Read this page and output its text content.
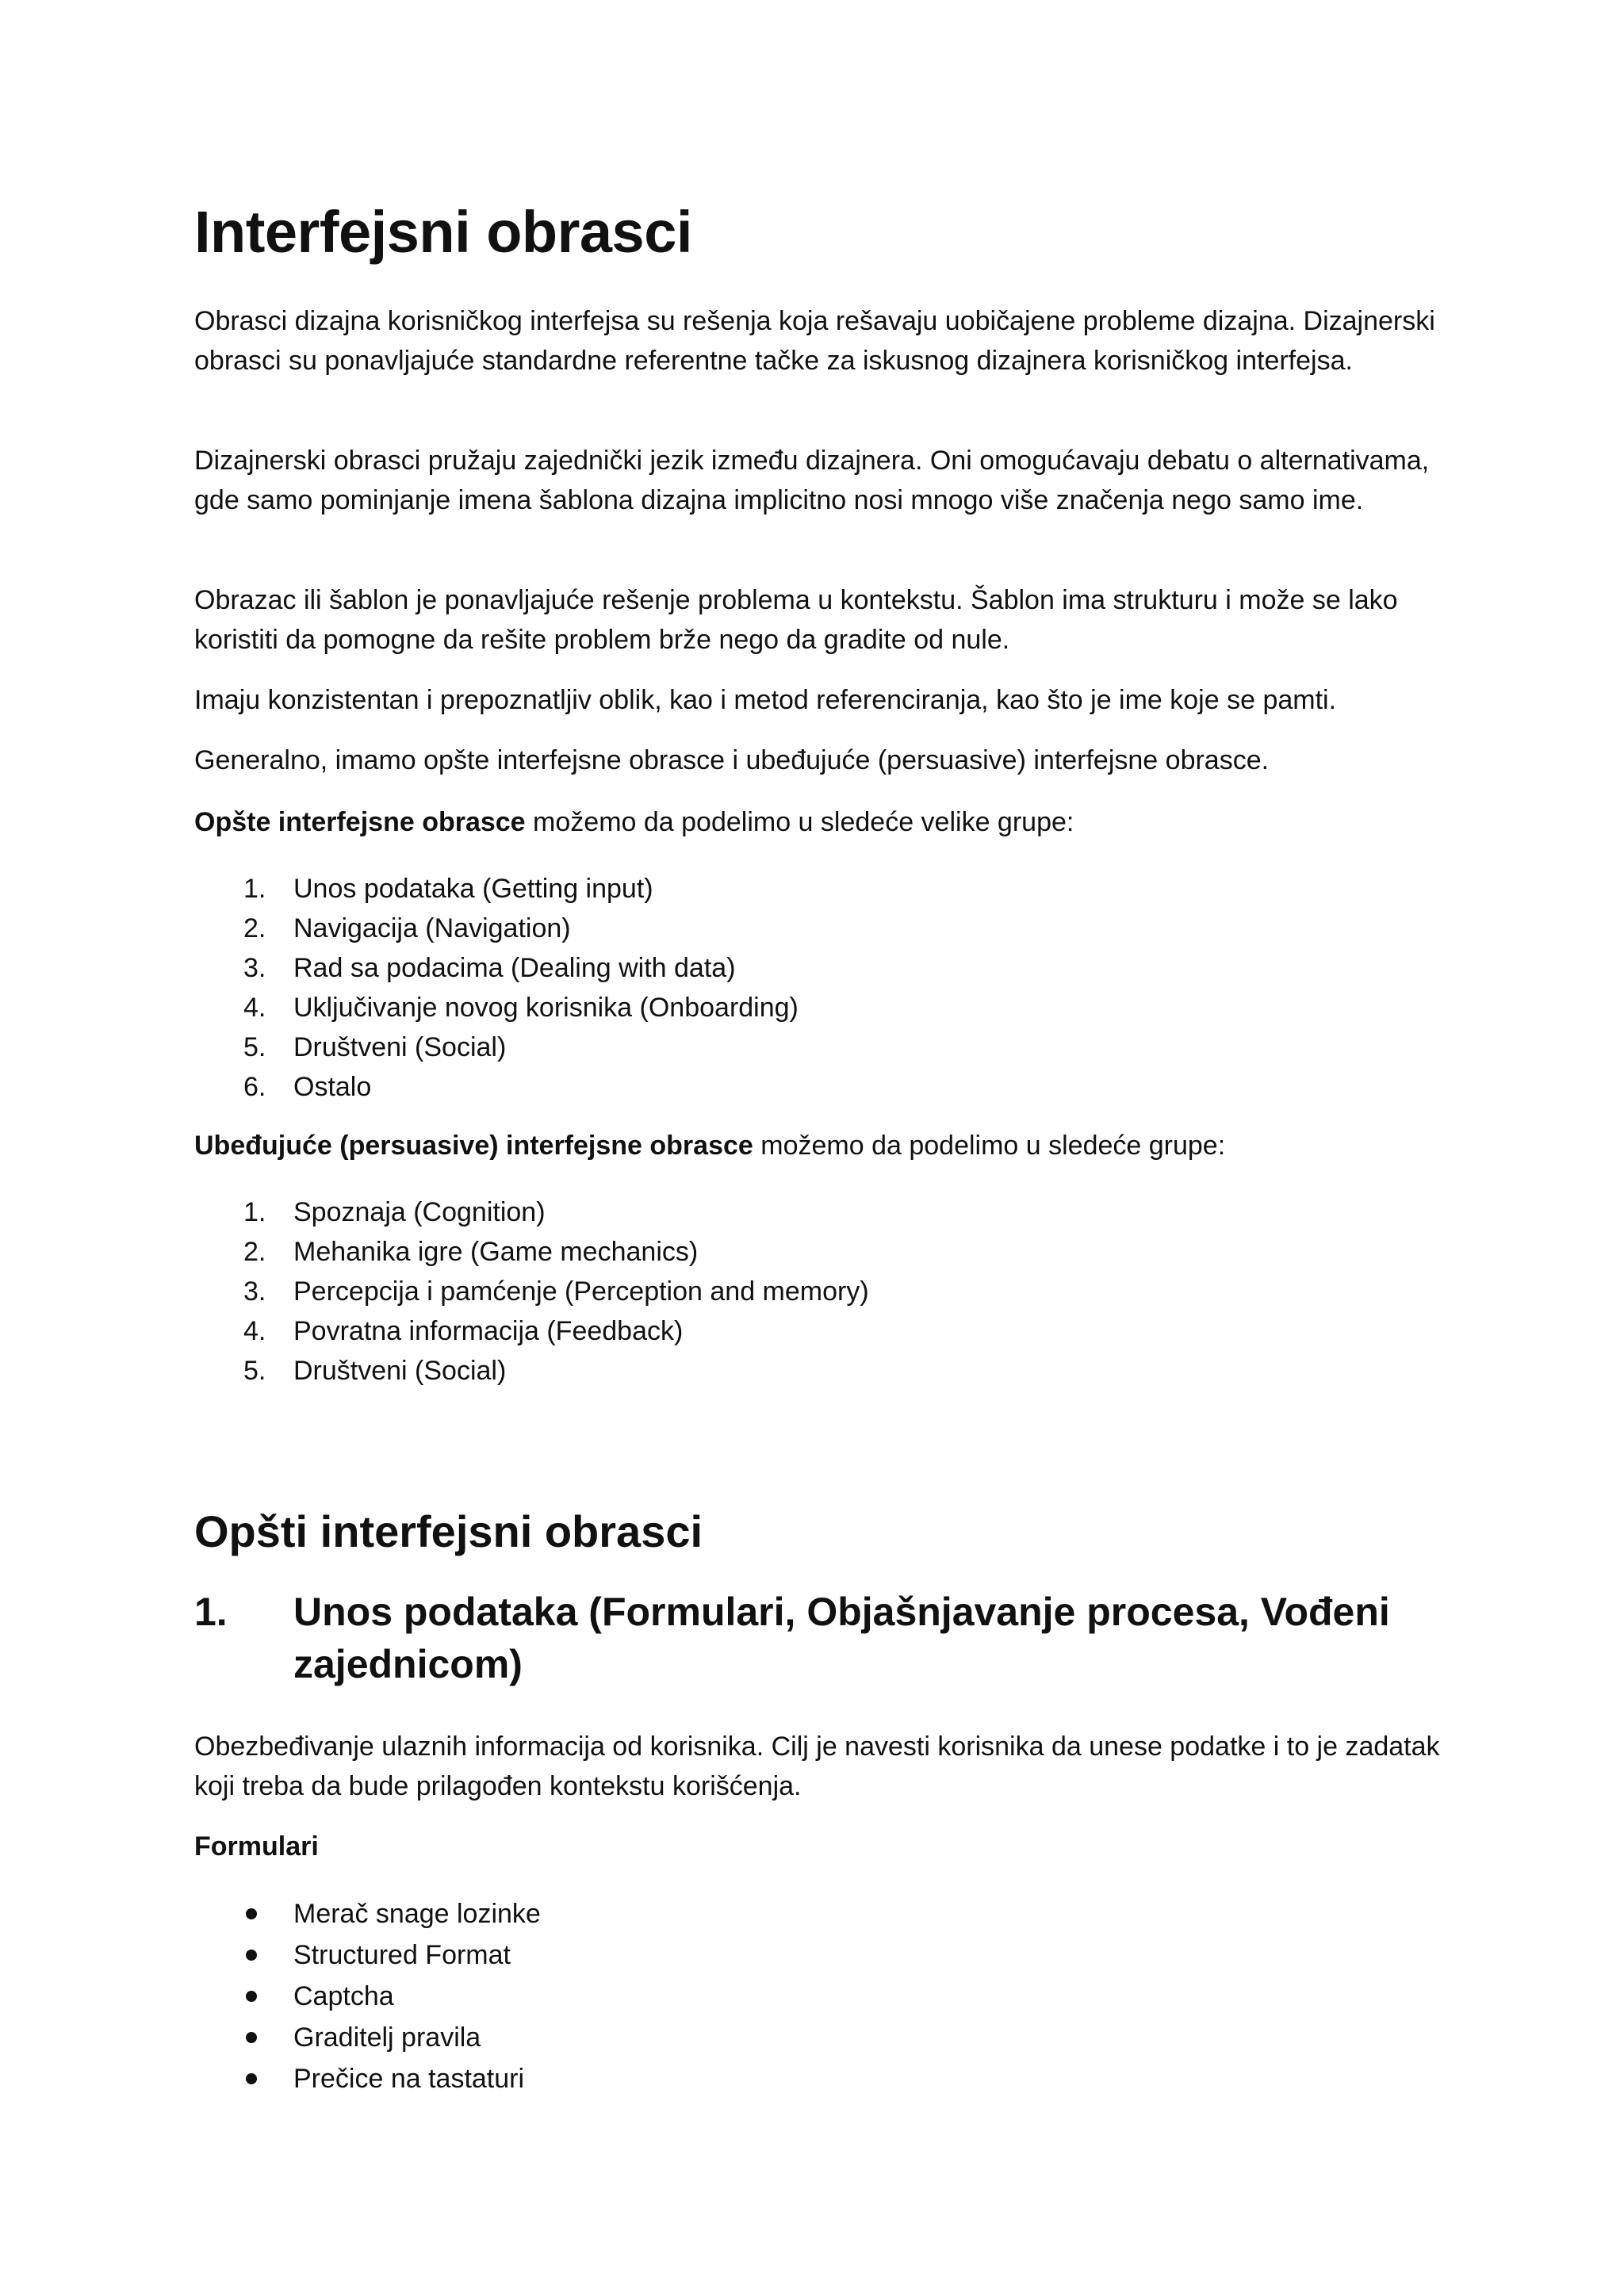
Interfejsni obrasci

Obrasci dizajna korisničkog interfejsa su rešenja koja rešavaju uobičajene probleme dizajna. Dizajnerski obrasci su ponavljajuće standardne referentne tačke za iskusnog dizajnera korisničkog interfejsa.

Dizajnerski obrasci pružaju zajednički jezik između dizajnera. Oni omogućavaju debatu o alternativama, gde samo pominjanje imena šablona dizajna implicitno nosi mnogo više značenja nego samo ime.

Obrazac ili šablon je ponavljajuće rešenje problema u kontekstu. Šablon ima strukturu i može se lako koristiti da pomogne da rešite problem brže nego da gradite od nule.

Imaju konzistentan i prepoznatljiv oblik, kao i metod referenciranja, kao što je ime koje se pamti.

Generalno, imamo opšte interfejsne obrasce i ubeđujuće (persuasive) interfejsne obrasce.

Opšte interfejsne obrasce možemo da podelimo u sledeće velike grupe:

1. Unos podataka (Getting input)
2. Navigacija (Navigation)
3. Rad sa podacima (Dealing with data)
4. Uključivanje novog korisnika (Onboarding)
5. Društveni (Social)
6. Ostalo

Ubeđujuće (persuasive) interfejsne obrasce možemo da podelimo u sledeće grupe:

1. Spoznaja (Cognition)
2. Mehanika igre (Game mechanics)
3. Percepcija i pamćenje (Perception and memory)
4. Povratna informacija (Feedback)
5. Društveni (Social)
Opšti interfejsni obrasci
1.	Unos podataka (Formulari, Objašnjavanje procesa, Vođeni zajednicom)

Obezbeđivanje ulaznih informacija od korisnika. Cilj je navesti korisnika da unese podatke i to je zadatak koji treba da bude prilagođen kontekstu korišćenja.

Formulari

Merač snage lozinke
Structured Format
Captcha
Graditelj pravila
Prečice na tastaturi
